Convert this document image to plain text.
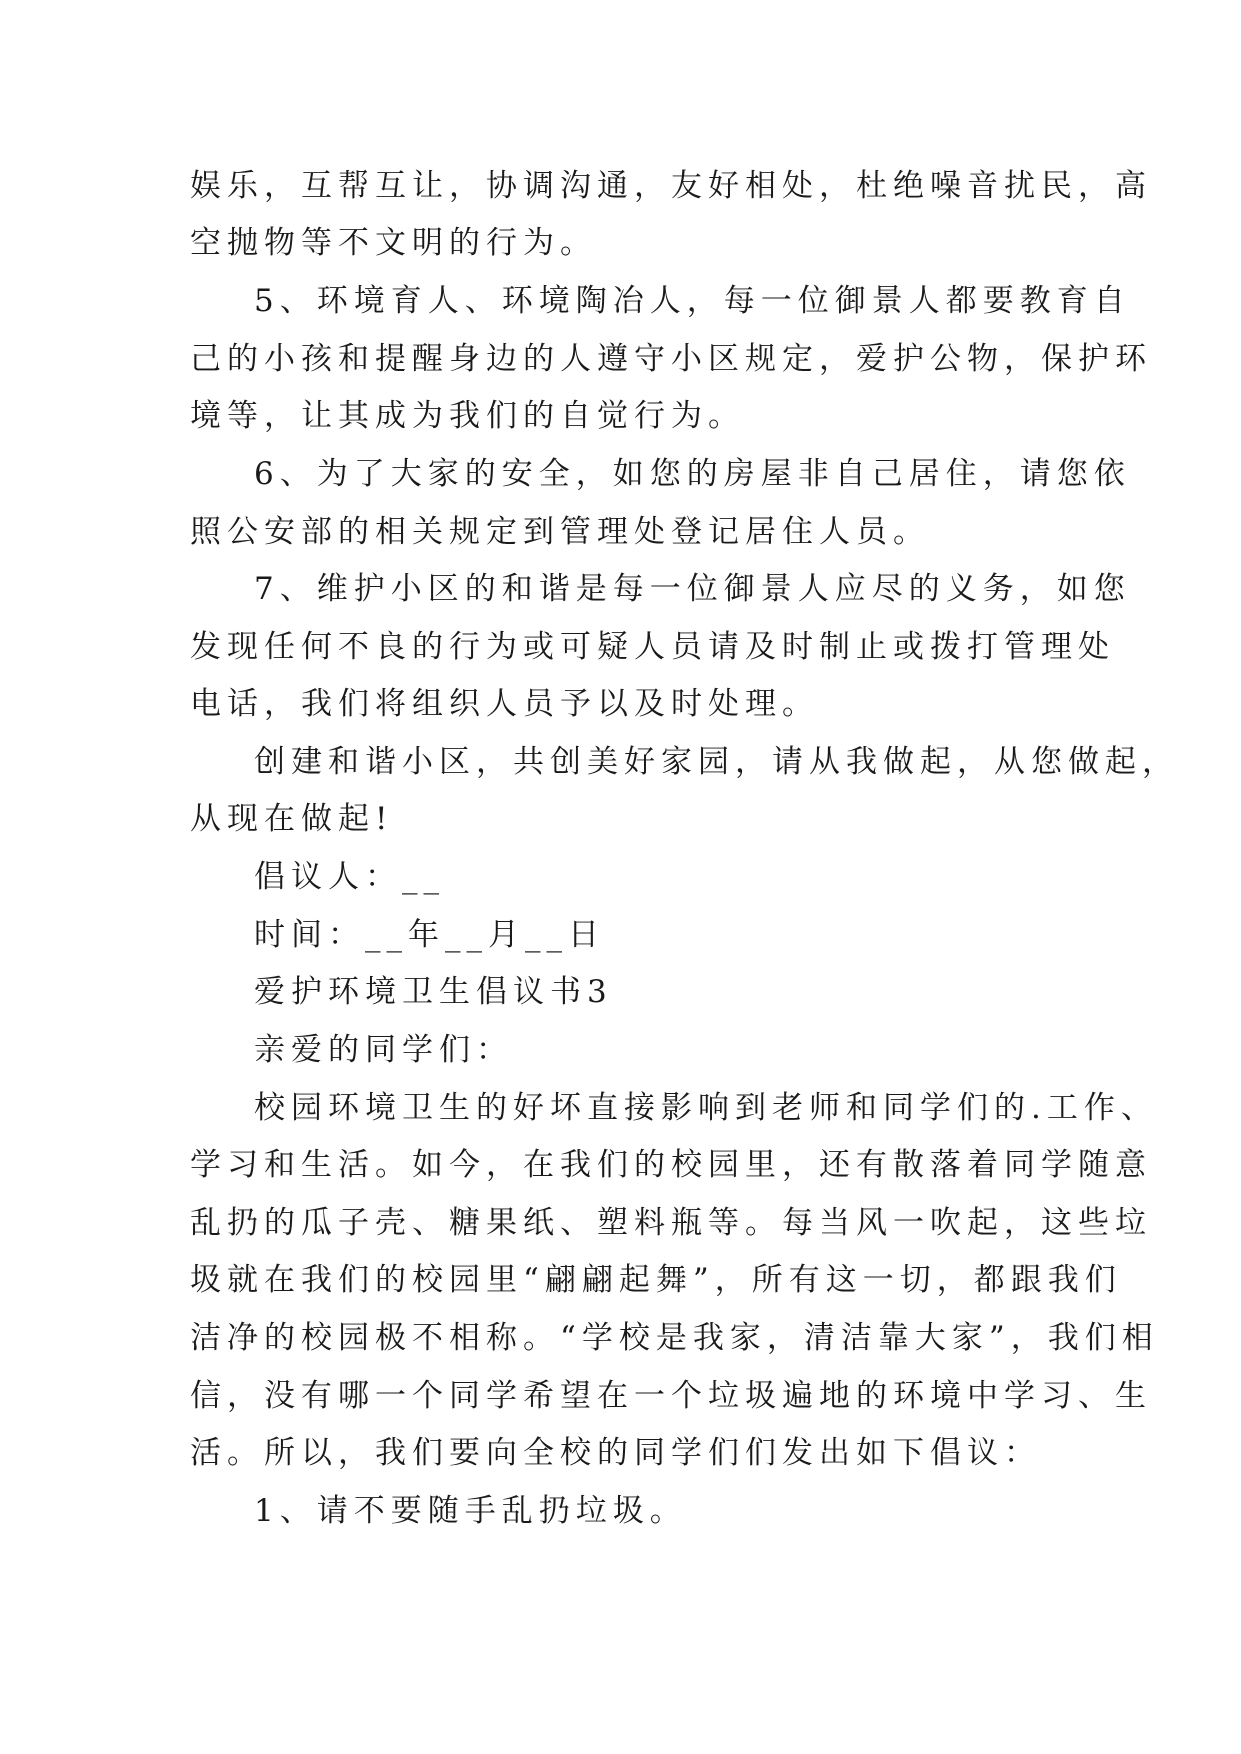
娱乐，互帮互让，协调沟通，友好相处，杜绝噪音扰民，高
空抛物等不文明的行为。
5、环境育人、环境陶冶人，每一位御景人都要教育自
己的小孩和提醒身边的人遵守小区规定，爱护公物，保护环
境等，让其成为我们的自觉行为。
6、为了大家的安全，如您的房屋非自己居住，请您依
照公安部的相关规定到管理处登记居住人员。
7、维护小区的和谐是每一位御景人应尽的义务，如您
发现任何不良的行为或可疑人员请及时制止或拨打管理处
电话，我们将组织人员予以及时处理。
创建和谐小区，共创美好家园，请从我做起，从您做起，
从现在做起!
倡议人：__
时间：__年__月__日
爱护环境卫生倡议书3
亲爱的同学们：
校园环境卫生的好坏直接影响到老师和同学们的.工作、
学习和生活。如今，在我们的校园里，还有散落着同学随意
乱扔的瓜子壳、糖果纸、塑料瓶等。每当风一吹起，这些垃
圾就在我们的校园里“翩翩起舞”，所有这一切，都跟我们
洁净的校园极不相称。“学校是我家，清洁靠大家”，我们相
信，没有哪一个同学希望在一个垃圾遍地的环境中学习、生
活。所以，我们要向全校的同学们们发出如下倡议：
1、请不要随手乱扔垃圾。
